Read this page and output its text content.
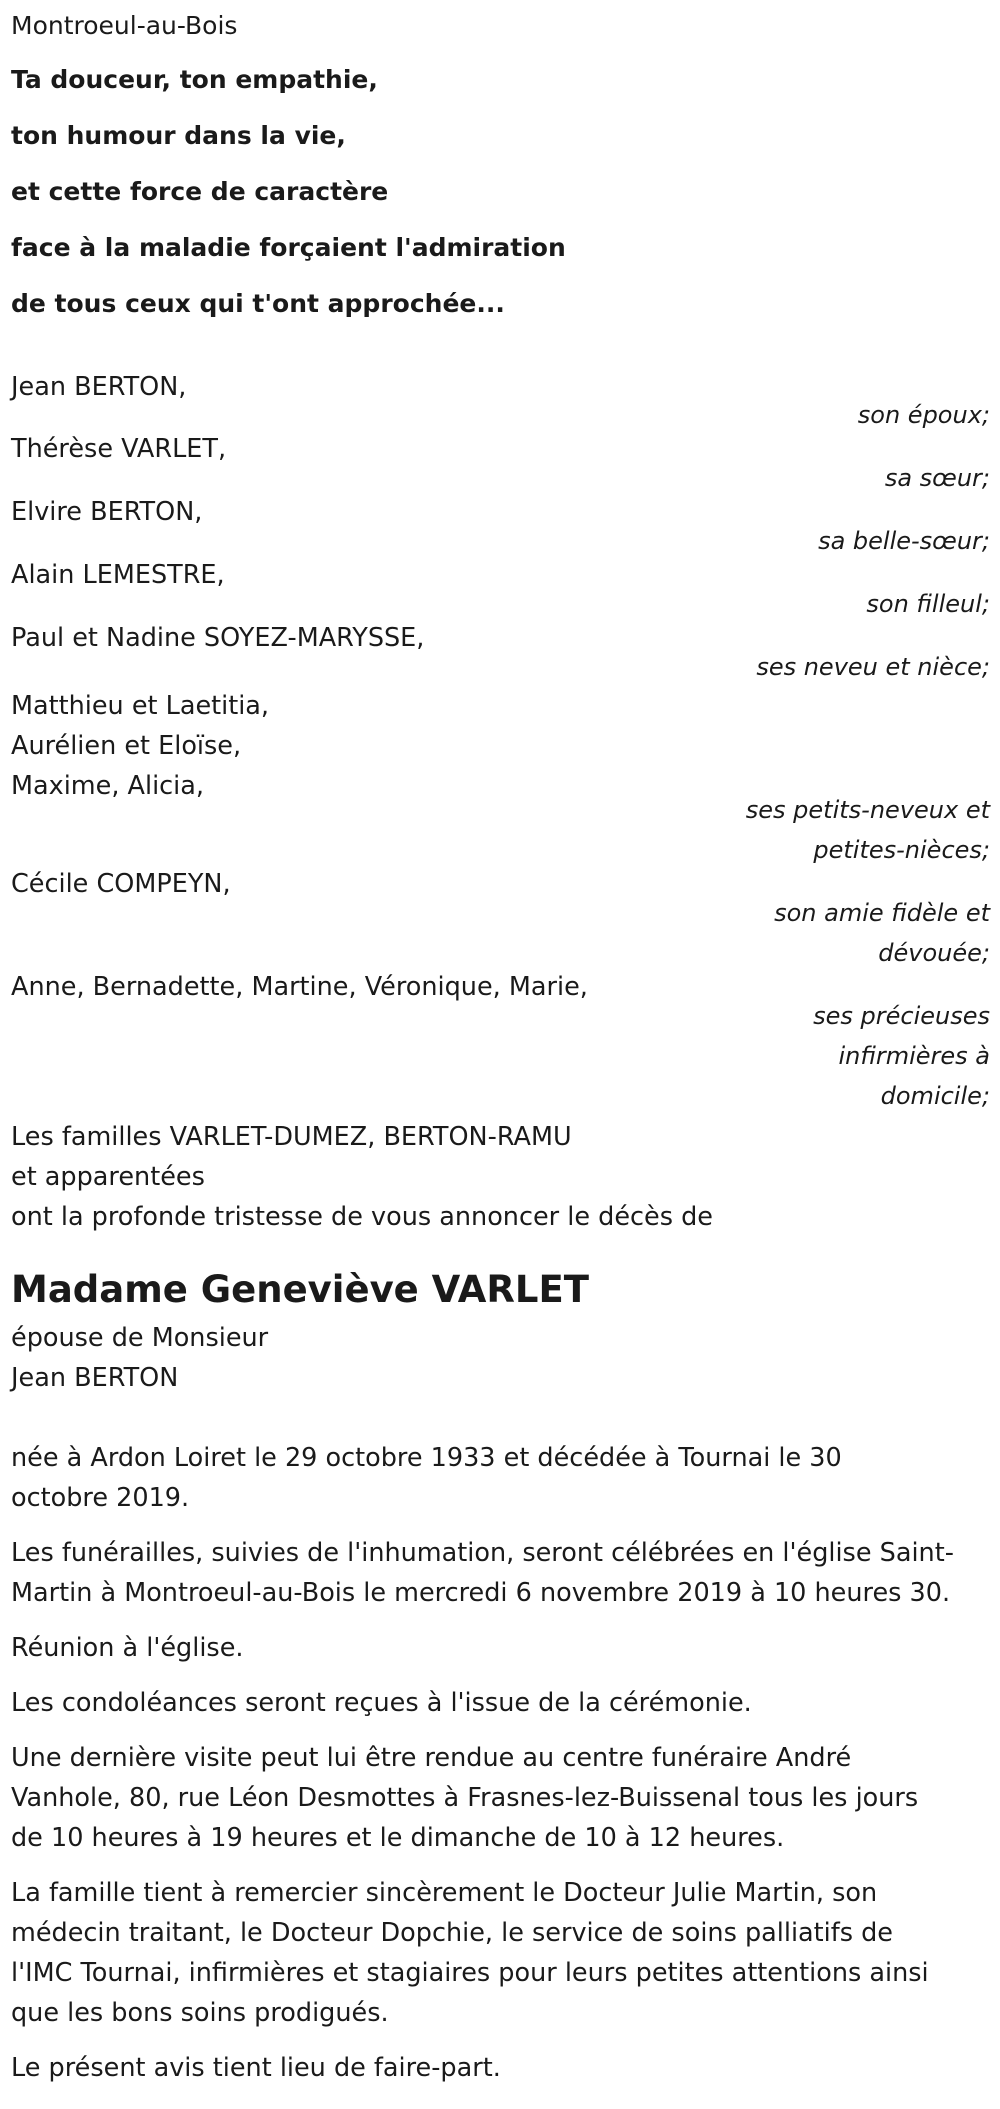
Montroeul-au-Bois
Ta douceur, ton empathie,
ton humour dans la vie,
et cette force de caractère
face à la maladie forçaient l'admiration
de tous ceux qui t'ont approchée...
Jean BERTON,
son époux;
Thérèse VARLET,
sa sœur;
Elvire BERTON,
sa belle-sœur;
Alain LEMESTRE,
son filleul;
Paul et Nadine SOYEZ-MARYSSE,
ses neveu et nièce;
Matthieu et Laetitia,
Aurélien et Eloïse,
Maxime, Alicia,
ses petits-neveux et
petites-nièces;
Cécile COMPEYN,
son amie fidèle et
dévouée;
Anne, Bernadette, Martine, Véronique, Marie,
ses précieuses
infirmières à
domicile;
Les familles VARLET-DUMEZ, BERTON-RAMU
et apparentées
ont la profonde tristesse de vous annoncer le décès de
Madame Geneviève VARLET
épouse de Monsieur
Jean BERTON
née à Ardon Loiret le 29 octobre 1933 et décédée à Tournai le 30
octobre 2019.
Les funérailles, suivies de l'inhumation, seront célébrées en l'église Saint-
Martin à Montroeul-au-Bois le mercredi 6 novembre 2019 à 10 heures 30.
Réunion à l'église.
Les condoléances seront reçues à l'issue de la cérémonie.
Une dernière visite peut lui être rendue au centre funéraire André
Vanhole, 80, rue Léon Desmottes à Frasnes-lez-Buissenal tous les jours
de 10 heures à 19 heures et le dimanche de 10 à 12 heures.
La famille tient à remercier sincèrement le Docteur Julie Martin, son
médecin traitant, le Docteur Dopchie, le service de soins palliatifs de
l'IMC Tournai, infirmières et stagiaires pour leurs petites attentions ainsi
que les bons soins prodigués.
Le présent avis tient lieu de faire-part.
